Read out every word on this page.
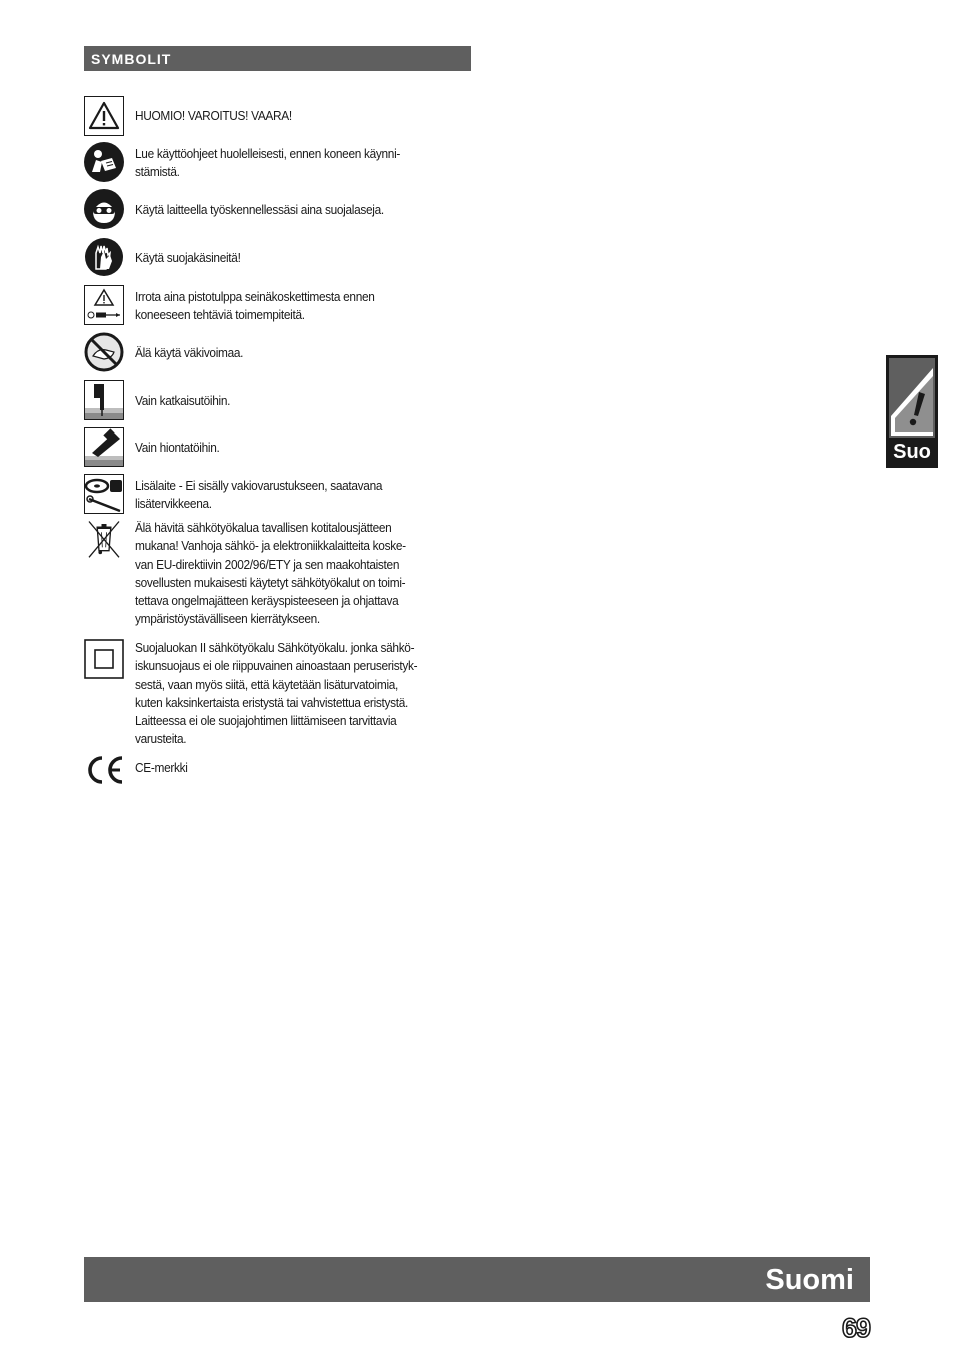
SYMBOLIT
HUOMIO! VAROITUS! VAARA!
Lue käyttöohjeet huolelleisesti, ennen koneen käynni-
stämistä.
Käytä laitteella työskennellessäsi aina suojalaseja.
Käytä suojakäsineitä!
Irrota aina pistotulppa seinäkoskettimesta ennen
koneeseen tehtäviä toimempiteitä.
Älä käytä väkivoimaa.
Vain katkaisutöihin.
Vain hiontatöihin.
Lisälaite - Ei sisälly vakiovarustukseen, saatavana
lisätervikkeena.
Älä hävitä sähkötyökalua tavallisen kotitalousjätteen
mukana! Vanhoja sähkö- ja elektroniikkalaitteita koske-
van EU-direktiivin 2002/96/ETY ja sen maakohtaisten
sovellusten mukaisesti käytetyt sähkötyökalut on toimi-
tettava ongelmajätteen keräyspisteeseen ja ohjattava
ympäristöystävälliseen kierrätykseen.
Suojaluokan II sähkötyökalu Sähkötyökalu. jonka sähkö-
iskunsuojaus ei ole riippuvainen ainoastaan peruseristyk-
sestä, vaan myös siitä, että käytetään lisäturvatoimia,
kuten kaksinkertaista eristystä tai vahvistettua eristystä.
Laitteessa ei ole suojajohtimen liittämiseen tarvittavia
varusteita.
CE-merkki
Suo
Suomi
69
